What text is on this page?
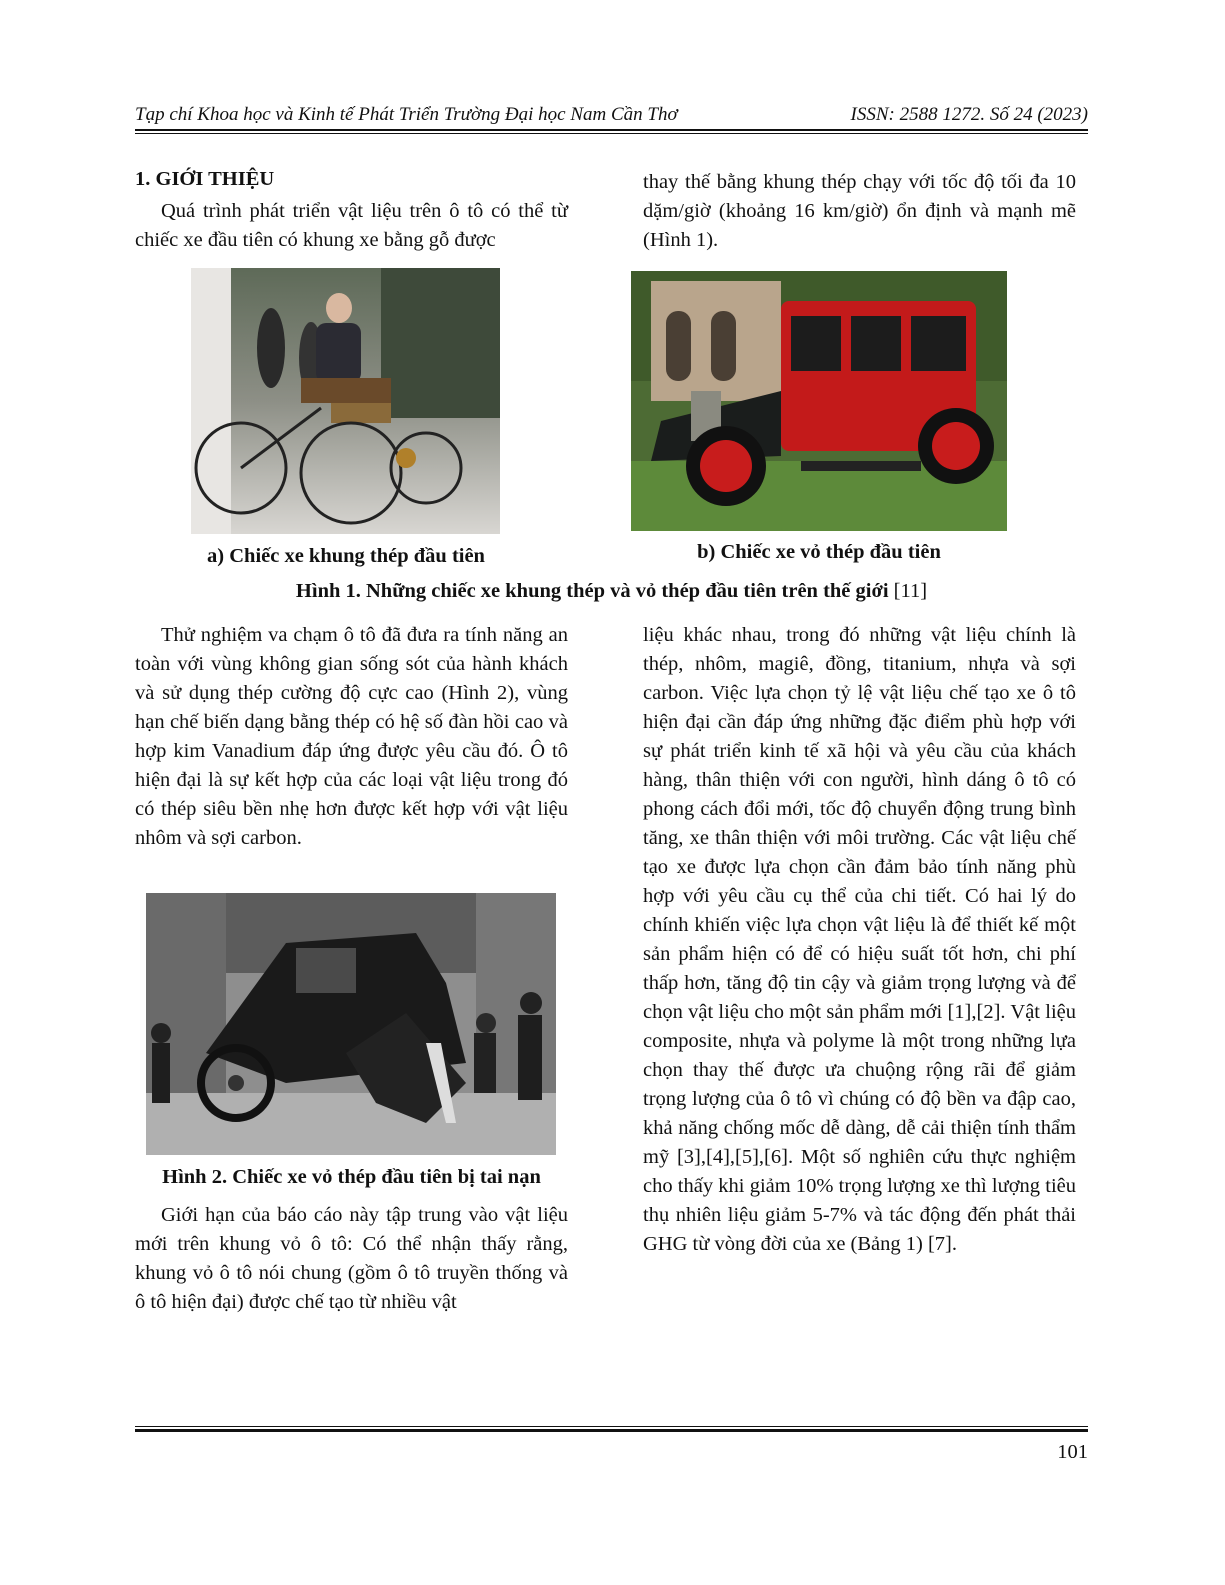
Tạp chí Khoa học và Kinh tế Phát Triển Trường Đại học Nam Cần Thơ	ISSN: 2588 1272. Số 24 (2023)

1. GIỚI THIỆU

Quá trình phát triển vật liệu trên ô tô có thể từ chiếc xe đầu tiên có khung xe bằng gỗ được

thay thế bằng khung thép chạy với tốc độ tối đa 10 dặm/giờ (khoảng 16 km/giờ) ổn định và mạnh mẽ (Hình 1).

a) Chiếc xe khung thép đầu tiên	b) Chiếc xe vỏ thép đầu tiên
Hình 1. Những chiếc xe khung thép và vỏ thép đầu tiên trên thế giới [11]

Thử nghiệm va chạm ô tô đã đưa ra tính năng an toàn với vùng không gian sống sót của hành khách và sử dụng thép cường độ cực cao (Hình 2), vùng hạn chế biến dạng bằng thép có hệ số đàn hồi cao và hợp kim Vanadium đáp ứng được yêu cầu đó. Ô tô hiện đại là sự kết hợp của các loại vật liệu trong đó có thép siêu bền nhẹ hơn được kết hợp với vật liệu nhôm và sợi carbon.

Hình 2. Chiếc xe vỏ thép đầu tiên bị tai nạn

Giới hạn của báo cáo này tập trung vào vật liệu mới trên khung vỏ ô tô: Có thể nhận thấy rằng, khung vỏ ô tô nói chung (gồm ô tô truyền thống và ô tô hiện đại) được chế tạo từ nhiều vật

liệu khác nhau, trong đó những vật liệu chính là thép, nhôm, magiê, đồng, titanium, nhựa và sợi carbon. Việc lựa chọn tỷ lệ vật liệu chế tạo xe ô tô hiện đại cần đáp ứng những đặc điểm phù hợp với sự phát triển kinh tế xã hội và yêu cầu của khách hàng, thân thiện với con người, hình dáng ô tô có phong cách đổi mới, tốc độ chuyển động trung bình tăng, xe thân thiện với môi trường. Các vật liệu chế tạo xe được lựa chọn cần đảm bảo tính năng phù hợp với yêu cầu cụ thể của chi tiết. Có hai lý do chính khiến việc lựa chọn vật liệu là để thiết kế một sản phẩm hiện có để có hiệu suất tốt hơn, chi phí thấp hơn, tăng độ tin cậy và giảm trọng lượng và để chọn vật liệu cho một sản phẩm mới [1],[2]. Vật liệu composite, nhựa và polyme là một trong những lựa chọn thay thế được ưa chuộng rộng rãi để giảm trọng lượng của ô tô vì chúng có độ bền va đập cao, khả năng chống mốc dễ dàng, dễ cải thiện tính thẩm mỹ [3],[4],[5],[6]. Một số nghiên cứu thực nghiệm cho thấy khi giảm 10% trọng lượng xe thì lượng tiêu thụ nhiên liệu giảm 5-7% và tác động đến phát thải GHG từ vòng đời của xe (Bảng 1) [7].

101
